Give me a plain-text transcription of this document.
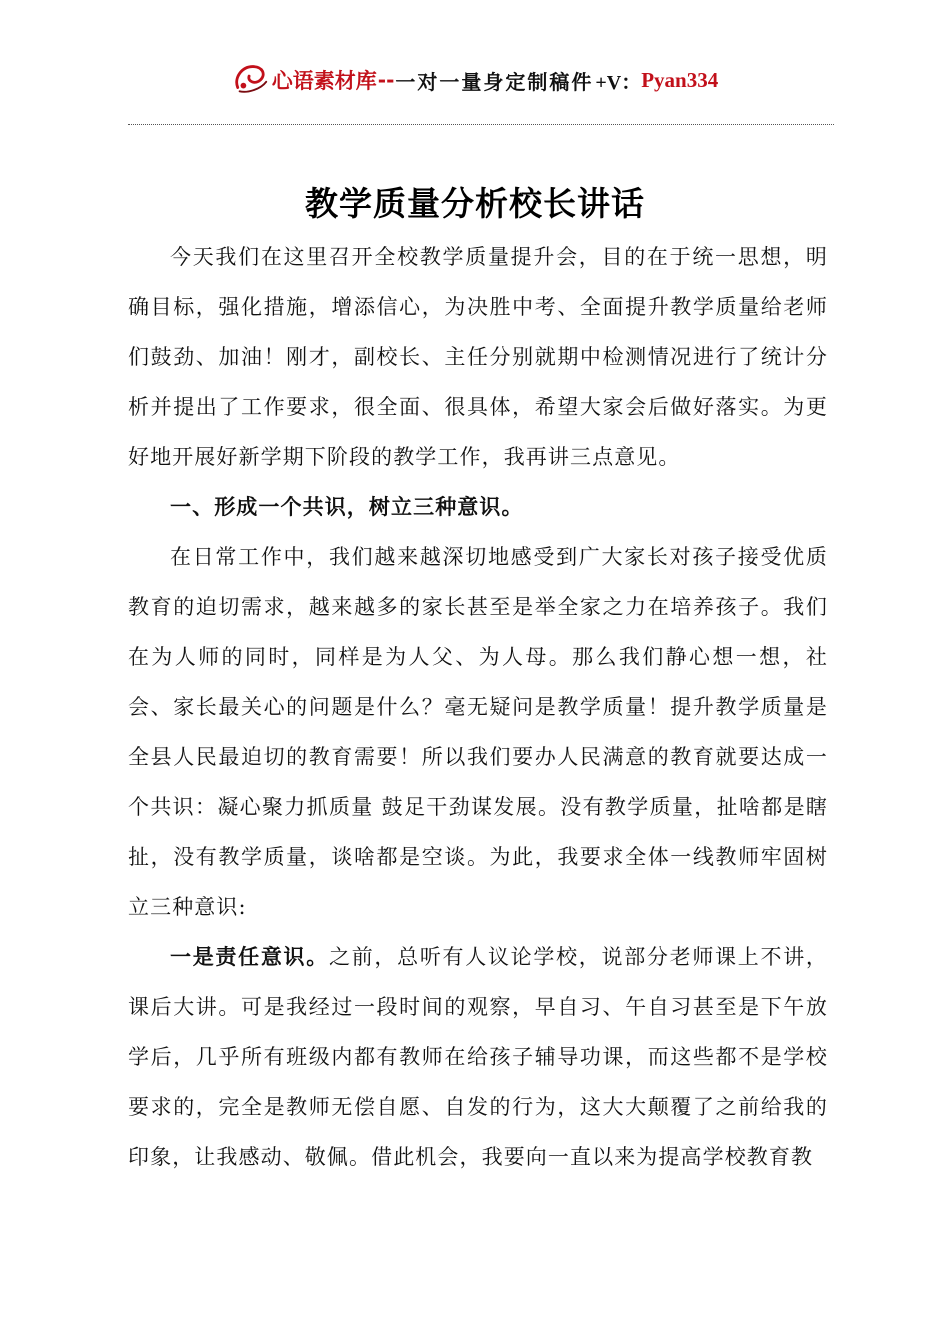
心语素材库 -- 一对一量身定制稿件 +V： Pyan334
教学质量分析校长讲话

今天我们在这里召开全校教学质量提升会，目的在于统一思想，明确目标，强化措施，增添信心，为决胜中考、全面提升教学质量给老师们鼓劲、加油！刚才，副校长、主任分别就期中检测情况进行了统计分析并提出了工作要求，很全面、很具体，希望大家会后做好落实。为更好地开展好新学期下阶段的教学工作，我再讲三点意见。

一、形成一个共识，树立三种意识。

在日常工作中，我们越来越深切地感受到广大家长对孩子接受优质教育的迫切需求，越来越多的家长甚至是举全家之力在培养孩子。我们在为人师的同时，同样是为人父、为人母。那么我们静心想一想，社会、家长最关心的问题是什么？毫无疑问是教学质量！提升教学质量是全县人民最迫切的教育需要！所以我们要办人民满意的教育就要达成一个共识：凝心聚力抓质量 鼓足干劲谋发展。没有教学质量，扯啥都是瞎扯，没有教学质量，谈啥都是空谈。为此，我要求全体一线教师牢固树立三种意识:

一是责任意识。之前，总听有人议论学校，说部分老师课上不讲，课后大讲。可是我经过一段时间的观察，早自习、午自习甚至是下午放学后，几乎所有班级内都有教师在给孩子辅导功课，而这些都不是学校要求的，完全是教师无偿自愿、自发的行为，这大大颠覆了之前给我的印象，让我感动、敬佩。借此机会，我要向一直以来为提高学校教育教
